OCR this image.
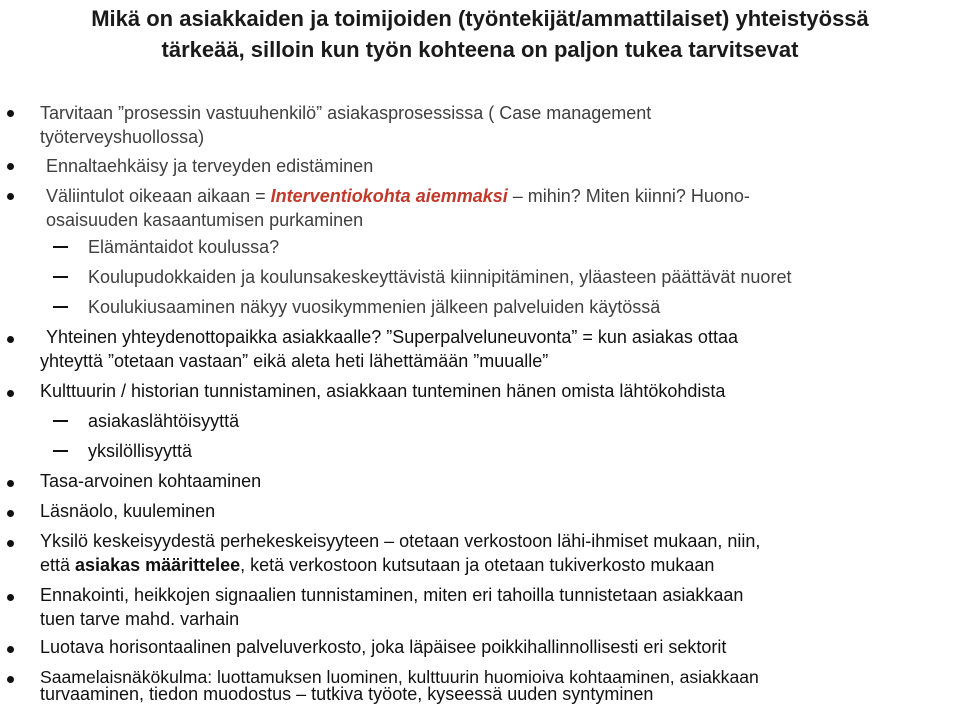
Mikä on asiakkaiden ja toimijoiden (työntekijät/ammattilaiset) yhteistyössä
tärkeää, silloin kun työn kohteena on paljon tukea tarvitsevat
Tarvitaan ”prosessin vastuuhenkilö” asiakasprosessissa ( Case management
työterveyshuollossa)
Ennaltaehkäisy ja terveyden edistäminen
Väliintulot oikeaan aikaan = Interventiokohta aiemmaksi – mihin? Miten kiinni? Huono-
osaisuuden kasaantumisen purkaminen
Elämäntaidot koulussa?
Koulupudokkaiden ja koulunsakeskeyttävistä kiinnipitäminen, yläasteen päättävät nuoret
Koulukiusaaminen näkyy vuosikymmenien jälkeen palveluiden käytössä
Yhteinen yhteydenottopaikka asiakkaalle? ”Superpalveluneuvonta” = kun asiakas ottaa
yhteyttä ”otetaan vastaan” eikä aleta heti lähettämään ”muualle”
Kulttuurin / historian tunnistaminen, asiakkaan tunteminen hänen omista lähtökohdista
asiakaslähtöisyyttä
yksilöllisyyttä
Tasa-arvoinen kohtaaminen
Läsnäolo, kuuleminen
Yksilö keskeisyydestä perhekeskeisyyteen – otetaan verkostoon lähi-ihmiset mukaan, niin,
että asiakas määrittelee, ketä verkostoon kutsutaan ja otetaan tukiverkosto mukaan
Ennakointi, heikkojen signaalien tunnistaminen, miten eri tahoilla tunnistetaan asiakkaan
tuen tarve mahd. varhain
Luotava horisontaalinen palveluverkosto, joka läpäisee poikkihallinnollisesti eri sektorit
Saamelaisnäkökulma: luottamuksen luominen, kulttuurin huomioiva kohtaaminen, asiakkaan
turvaaminen, tiedon muodostus – tutkiva työote, kyseessä uuden syntyminen
